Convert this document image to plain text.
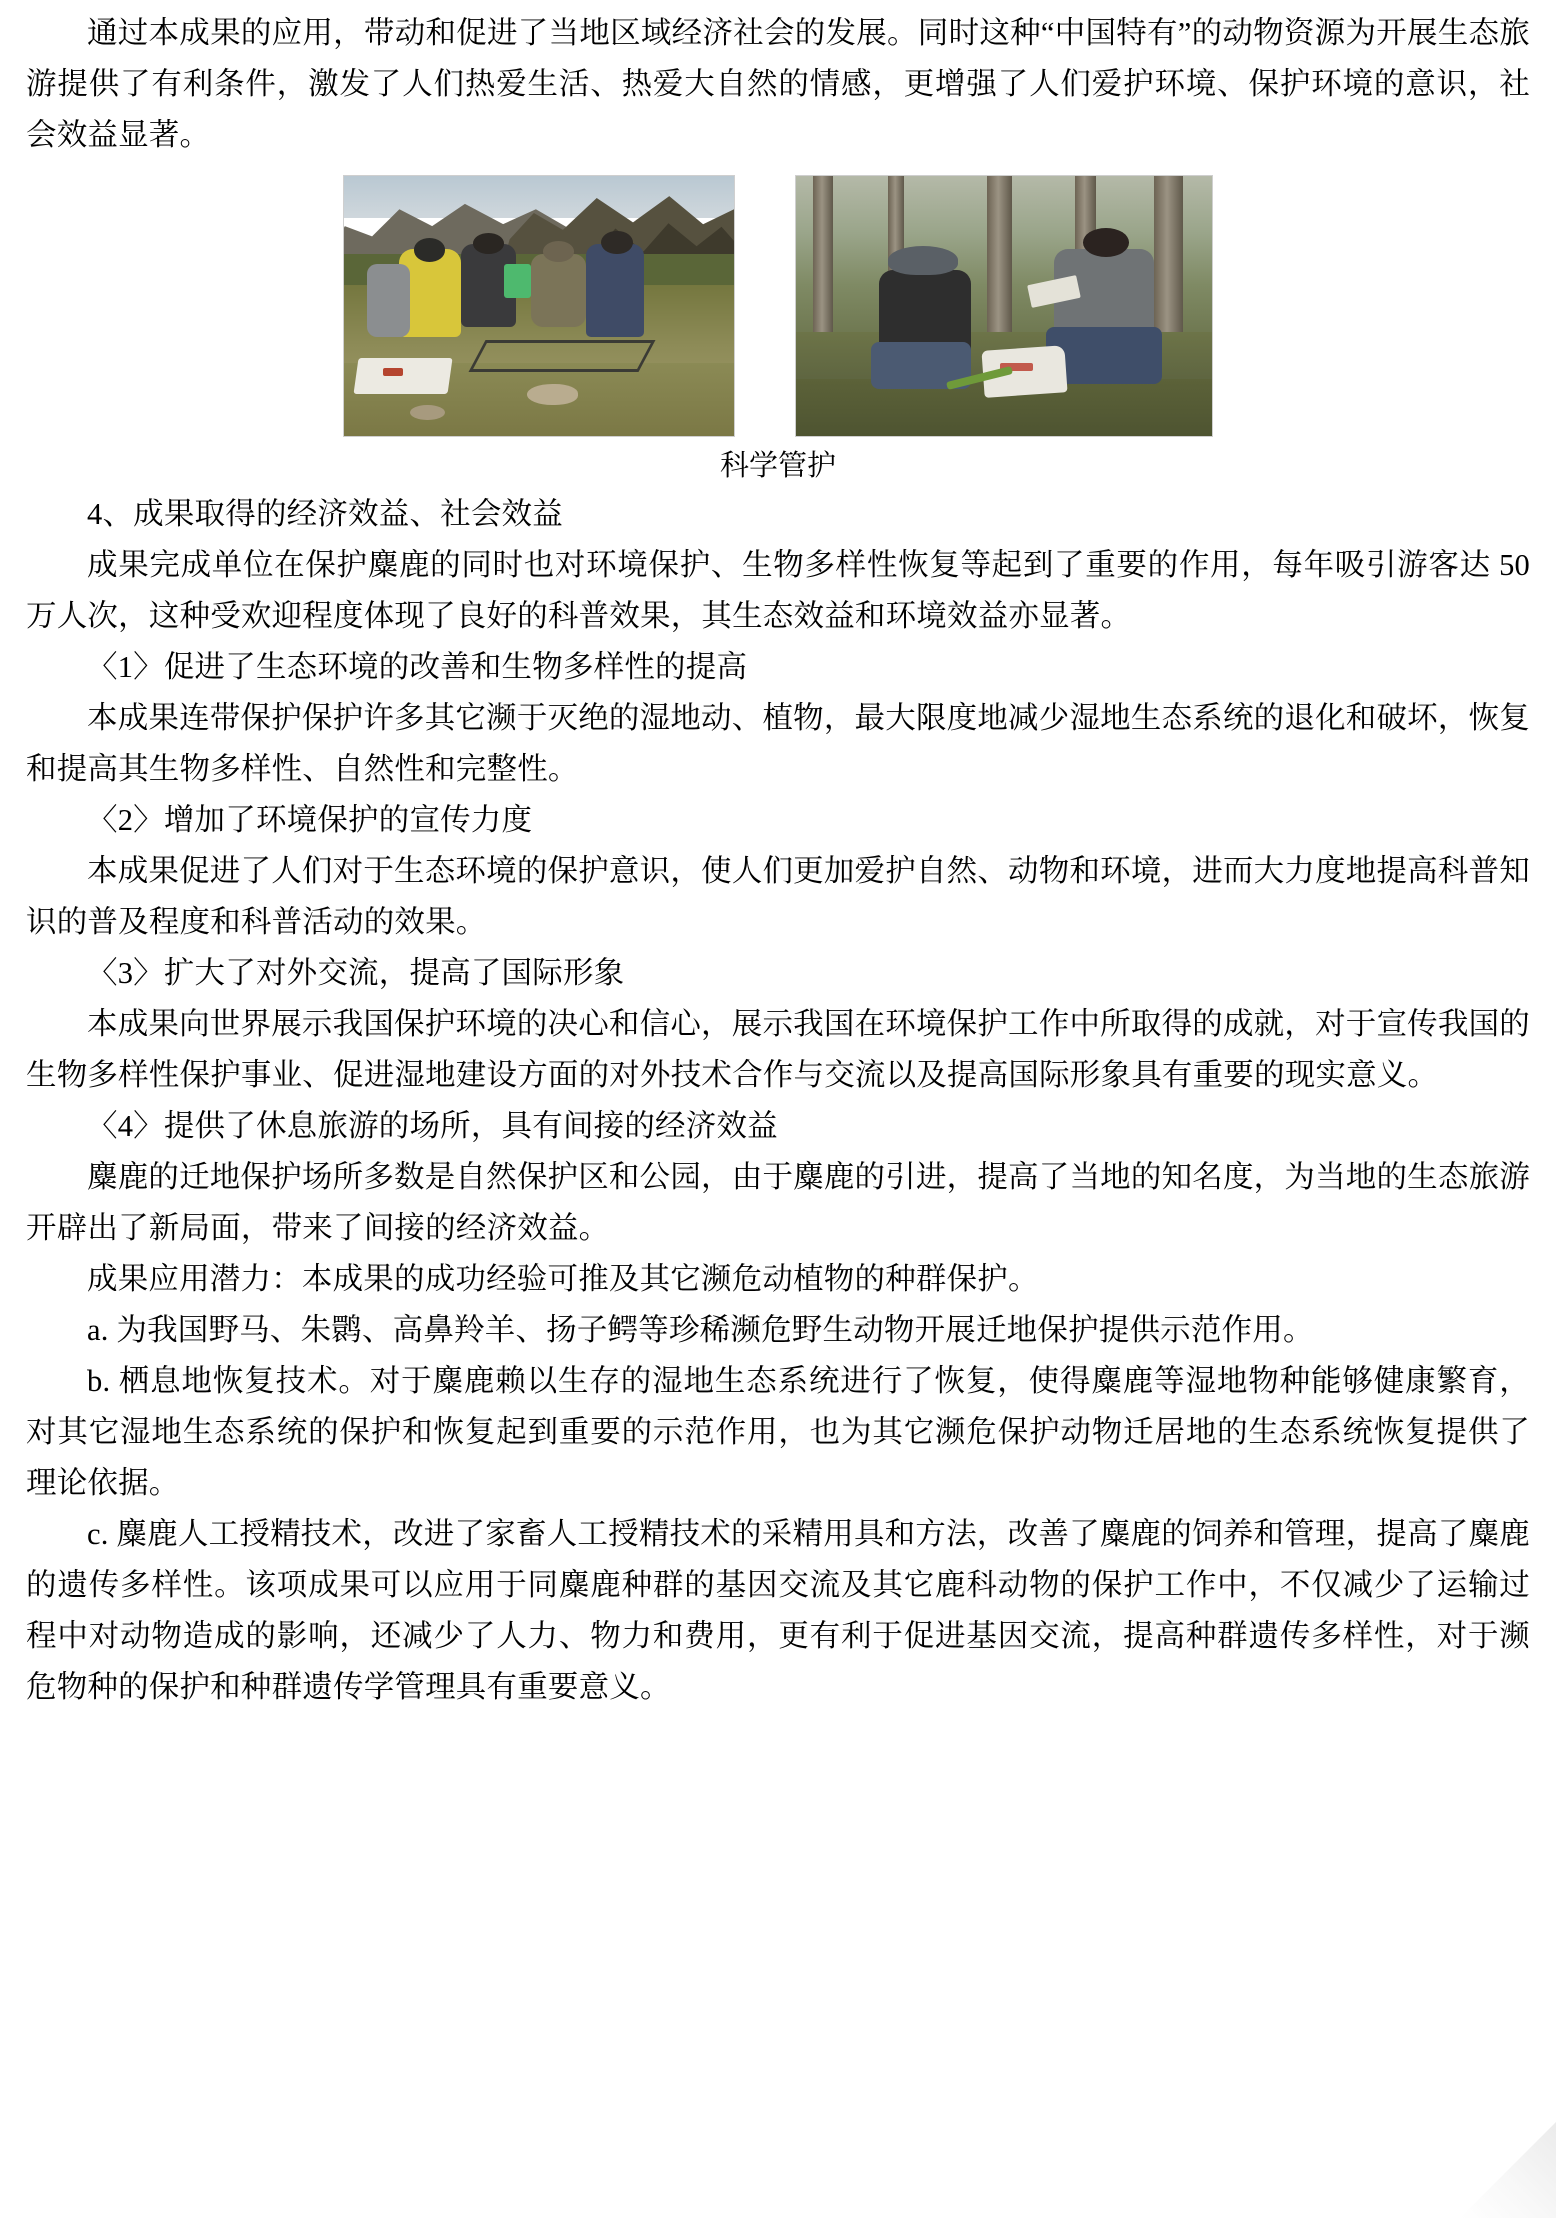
通过本成果的应用，带动和促进了当地区域经济社会的发展。同时这种“中国特有”的动物资源为开展生态旅游提供了有利条件，激发了人们热爱生活、热爱大自然的情感，更增强了人们爱护环境、保护环境的意识，社会效益显著。

科学管护

4、成果取得的经济效益、社会效益

成果完成单位在保护麋鹿的同时也对环境保护、生物多样性恢复等起到了重要的作用，每年吸引游客达 50 万人次，这种受欢迎程度体现了良好的科普效果，其生态效益和环境效益亦显著。

〈1〉促进了生态环境的改善和生物多样性的提高

本成果连带保护保护许多其它濒于灭绝的湿地动、植物，最大限度地减少湿地生态系统的退化和破坏，恢复和提高其生物多样性、自然性和完整性。

〈2〉增加了环境保护的宣传力度

本成果促进了人们对于生态环境的保护意识，使人们更加爱护自然、动物和环境，进而大力度地提高科普知识的普及程度和科普活动的效果。

〈3〉扩大了对外交流，提高了国际形象

本成果向世界展示我国保护环境的决心和信心，展示我国在环境保护工作中所取得的成就，对于宣传我国的生物多样性保护事业、促进湿地建设方面的对外技术合作与交流以及提高国际形象具有重要的现实意义。

〈4〉提供了休息旅游的场所，具有间接的经济效益

麋鹿的迁地保护场所多数是自然保护区和公园，由于麋鹿的引进，提高了当地的知名度，为当地的生态旅游开辟出了新局面，带来了间接的经济效益。

成果应用潜力：本成果的成功经验可推及其它濒危动植物的种群保护。

a. 为我国野马、朱鹮、高鼻羚羊、扬子鳄等珍稀濒危野生动物开展迁地保护提供示范作用。

b. 栖息地恢复技术。对于麋鹿赖以生存的湿地生态系统进行了恢复，使得麋鹿等湿地物种能够健康繁育，对其它湿地生态系统的保护和恢复起到重要的示范作用，也为其它濒危保护动物迁居地的生态系统恢复提供了理论依据。

c. 麋鹿人工授精技术，改进了家畜人工授精技术的采精用具和方法，改善了麋鹿的饲养和管理，提高了麋鹿的遗传多样性。该项成果可以应用于同麋鹿种群的基因交流及其它鹿科动物的保护工作中，不仅减少了运输过程中对动物造成的影响，还减少了人力、物力和费用，更有利于促进基因交流，提高种群遗传多样性，对于濒危物种的保护和种群遗传学管理具有重要意义。
